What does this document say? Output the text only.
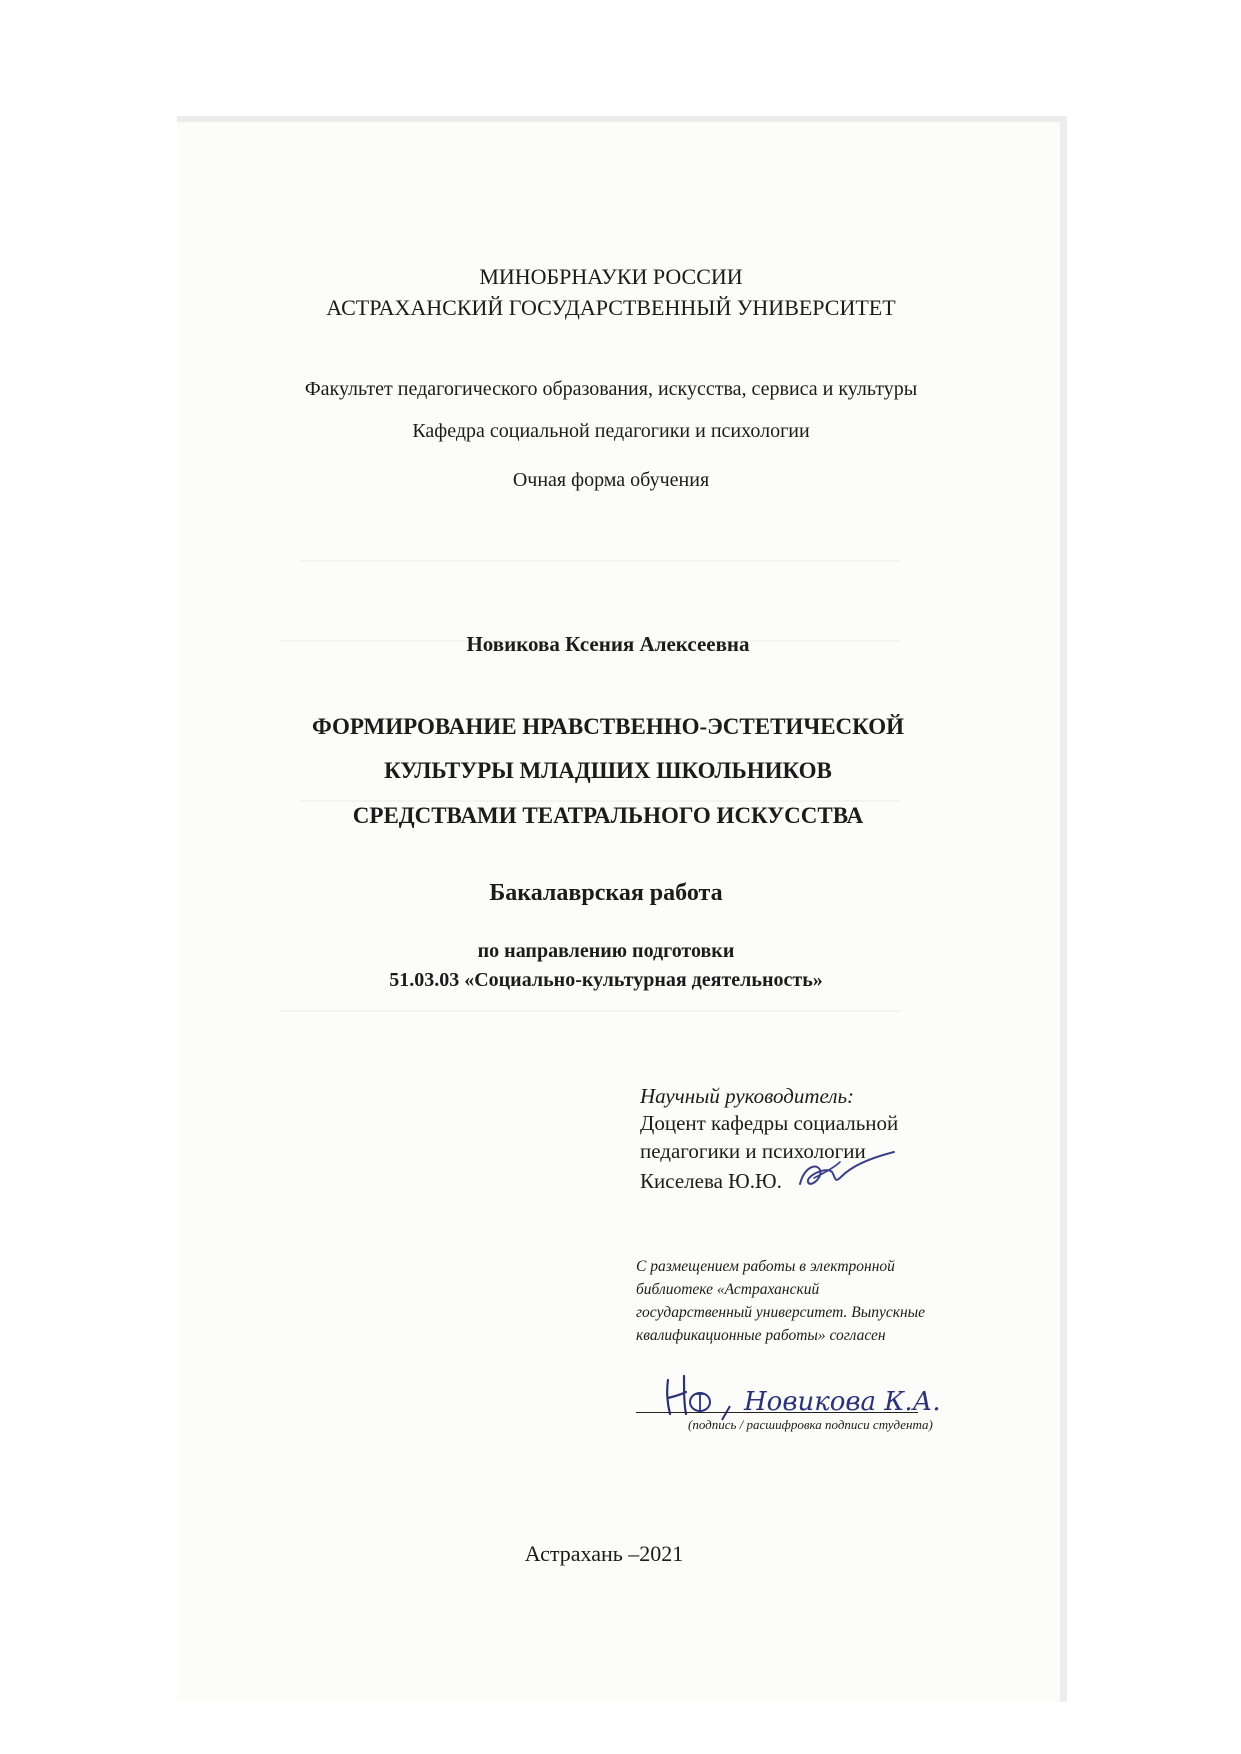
МИНОБРНАУКИ РОССИИ
АСТРАХАНСКИЙ ГОСУДАРСТВЕННЫЙ УНИВЕРСИТЕТ
Факультет педагогического образования, искусства, сервиса и культуры
Кафедра социальной педагогики и психологии
Очная форма обучения
Новикова Ксения Алексеевна
ФОРМИРОВАНИЕ НРАВСТВЕННО-ЭСТЕТИЧЕСКОЙ
КУЛЬТУРЫ МЛАДШИХ ШКОЛЬНИКОВ
СРЕДСТВАМИ ТЕАТРАЛЬНОГО ИСКУССТВА
Бакалаврская работа
по направлению подготовки
51.03.03 «Социально-культурная деятельность»
Научный руководитель:
Доцент кафедры социальной
педагогики и психологии
Киселева Ю.Ю.
С размещением работы в электронной
библиотеке «Астраханский
государственный университет. Выпускные
квалификационные работы» согласен
Новикова К.А.
(подпись / расшифровка подписи студента)
Астрахань –2021
